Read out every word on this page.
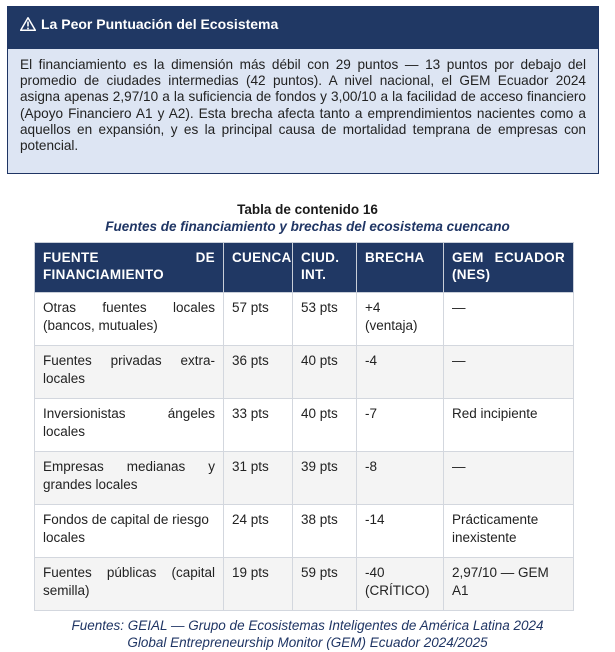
La Peor Puntuación del Ecosistema
El financiamiento es la dimensión más débil con 29 puntos — 13 puntos por debajo del promedio de ciudades intermedias (42 puntos). A nivel nacional, el GEM Ecuador 2024 asigna apenas 2,97/10 a la suficiencia de fondos y 3,00/10 a la facilidad de acceso financiero (Apoyo Financiero A1 y A2). Esta brecha afecta tanto a emprendimientos nacientes como a aquellos en expansión, y es la principal causa de mortalidad temprana de empresas con potencial.
Tabla de contenido 16
Fuentes de financiamiento y brechas del ecosistema cuencano
FUENTE DE FINANCIAMIENTO	CUENCA	CIUD. INT.	BRECHA	GEM ECUADOR (NES)

Otras fuentes locales
(bancos, mutuales)	57 pts	53 pts	+4 (ventaja)	—

Fuentes privadas extra-
locales	36 pts	40 pts	-4	—

Inversionistas ángeles
locales	33 pts	40 pts	-7	Red incipiente

Empresas medianas y
grandes locales	31 pts	39 pts	-8	—

Fondos de capital de riesgo
locales	24 pts	38 pts	-14	Prácticamente inexistente

Fuentes públicas (capital
semilla)	19 pts	59 pts	-40 (CRÍTICO)	2,97/10 — GEM A1
Fuentes: GEIAL — Grupo de Ecosistemas Inteligentes de América Latina 2024
Global Entrepreneurship Monitor (GEM) Ecuador 2024/2025
